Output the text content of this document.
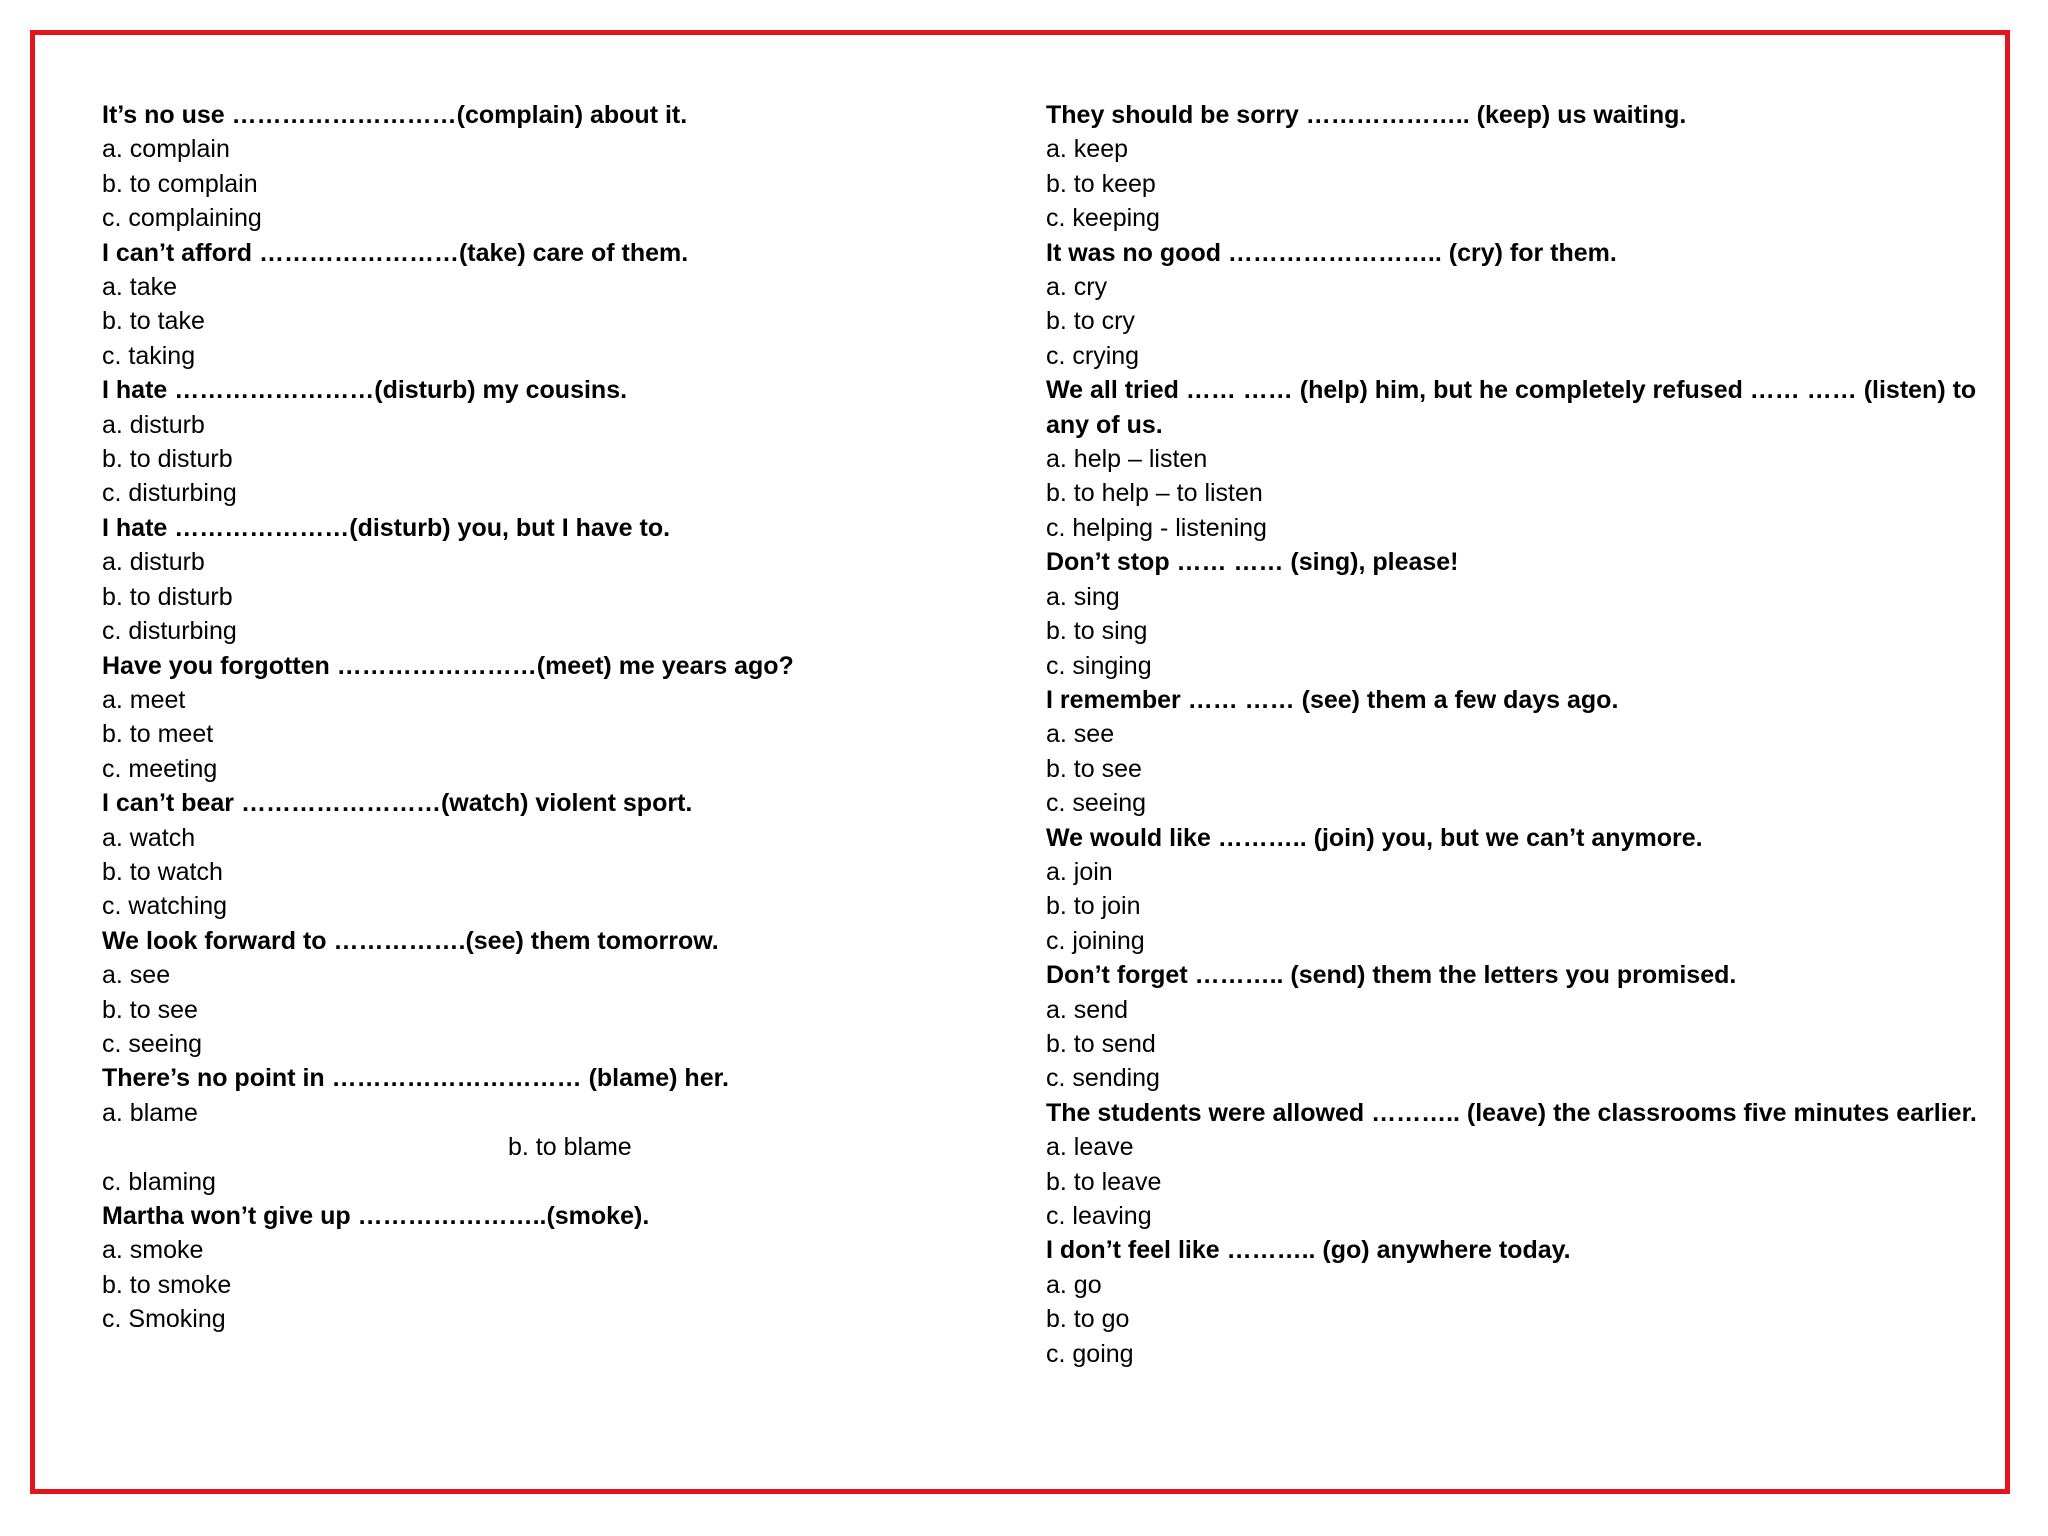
It’s no use ………………………(complain) about it.
a. complain
b. to complain
c. complaining
I can’t afford ……………………(take) care of them.
a. take
b. to take
c. taking
I hate ……………………(disturb) my cousins.
a. disturb
b. to disturb
c. disturbing
I hate …………………(disturb) you, but I have to.
a. disturb
b. to disturb
c. disturbing
Have you forgotten ……………………(meet) me years ago?
a. meet
b. to meet
c. meeting
I can’t bear ……………………(watch) violent sport.
a. watch
b. to watch
c. watching
We look forward to …………….(see) them tomorrow.
a. see
b. to see
c. seeing
There’s no point in ………………………… (blame) her.
a. blame
b. to blame
c. blaming
Martha won’t give up …………………..(smoke).
a. smoke
b. to smoke
c. Smoking
They should be sorry ……………….. (keep) us waiting.
a. keep
b. to keep
c. keeping
It was no good …………………….. (cry) for them.
a. cry
b. to cry
c. crying
We all tried …… …… (help) him, but he completely refused …… …… (listen) to any of us.
a. help – listen
b. to help – to listen
c. helping - listening
Don’t stop …… …… (sing), please!
a. sing
b. to sing
c. singing
I remember …… …… (see) them a few days ago.
a. see
b. to see
c. seeing
We would like ……….. (join) you, but we can’t anymore.
a. join
b. to join
c. joining
Don’t forget ……….. (send) them the letters you promised.
a. send
b. to send
c. sending
The students were allowed ……….. (leave) the classrooms five minutes earlier.
a. leave
b. to leave
c. leaving
I don’t feel like ……….. (go) anywhere today.
a. go
b. to go
c. going
